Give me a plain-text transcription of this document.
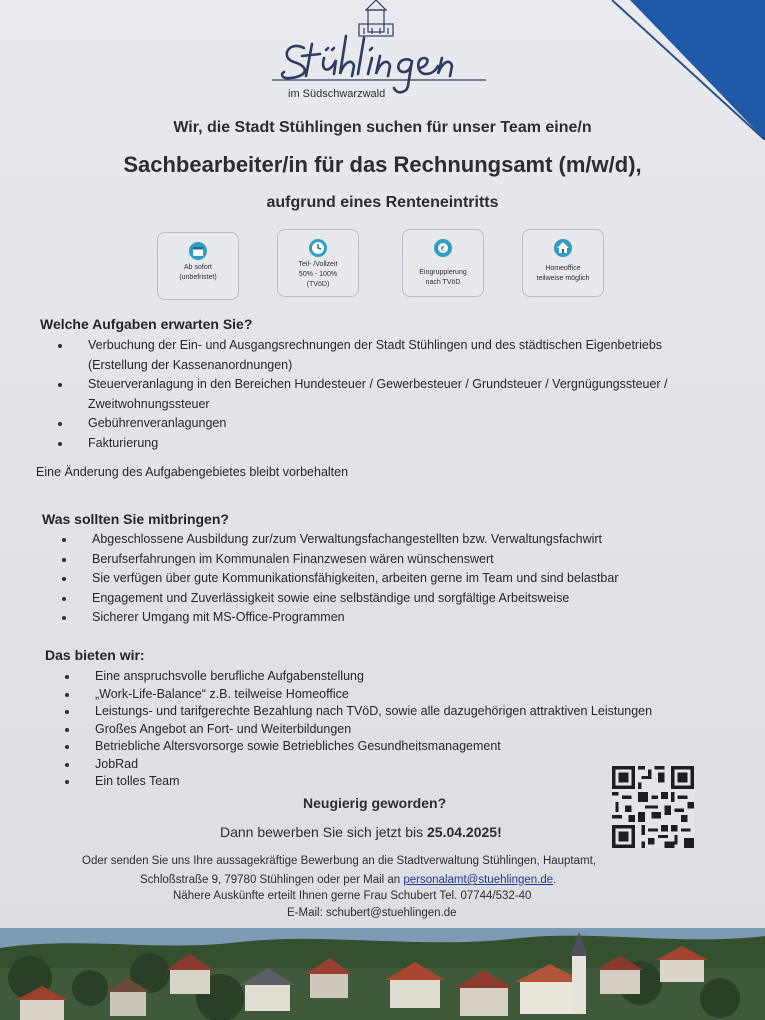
im Südschwarzwald
Wir, die Stadt Stühlingen suchen für unser Team eine/n
Sachbearbeiter/in für das Rechnungsamt (m/w/d),
aufgrund eines Renteneintritts
Ab sofort
(unbefristet)
Teil- /Vollzeit
50% - 100%
(TVöD)
€
Eingruppierung
nach TVöD
Homeoffice
teilweise möglich
Welche Aufgaben erwarten Sie?
Verbuchung der Ein- und Ausgangsrechnungen der Stadt Stühlingen und des städtischen Eigenbetriebs
(Erstellung der Kassenanordnungen)
Steuerveranlagung in den Bereichen Hundesteuer / Gewerbesteuer / Grundsteuer / Vergnügungssteuer /
Zweitwohnungssteuer
Gebührenveranlagungen
Fakturierung
Eine Änderung des Aufgabengebietes bleibt vorbehalten
Was sollten Sie mitbringen?
Abgeschlossene Ausbildung zur/zum Verwaltungsfachangestellten bzw. Verwaltungsfachwirt
Berufserfahrungen im Kommunalen Finanzwesen wären wünschenswert
Sie verfügen über gute Kommunikationsfähigkeiten, arbeiten gerne im Team und sind belastbar
Engagement und Zuverlässigkeit sowie eine selbständige und sorgfältige Arbeitsweise
Sicherer Umgang mit MS-Office-Programmen
Das bieten wir:
Eine anspruchsvolle berufliche Aufgabenstellung
„Work-Life-Balance“ z.B. teilweise Homeoffice
Leistungs- und tarifgerechte Bezahlung nach TVöD, sowie alle dazugehörigen attraktiven Leistungen
Großes Angebot an Fort- und Weiterbildungen
Betriebliche Altersvorsorge sowie Betriebliches Gesundheitsmanagement
JobRad
Ein tolles Team
Neugierig geworden?
Dann bewerben Sie sich jetzt bis 25.04.2025!
Oder senden Sie uns Ihre aussagekräftige Bewerbung an die Stadtverwaltung Stühlingen, Hauptamt,
Schloßstraße 9, 79780 Stühlingen oder per Mail an personalamt@stuehlingen.de.
Nähere Auskünfte erteilt Ihnen gerne Frau Schubert Tel. 07744/532-40
E-Mail: schubert@stuehlingen.de
